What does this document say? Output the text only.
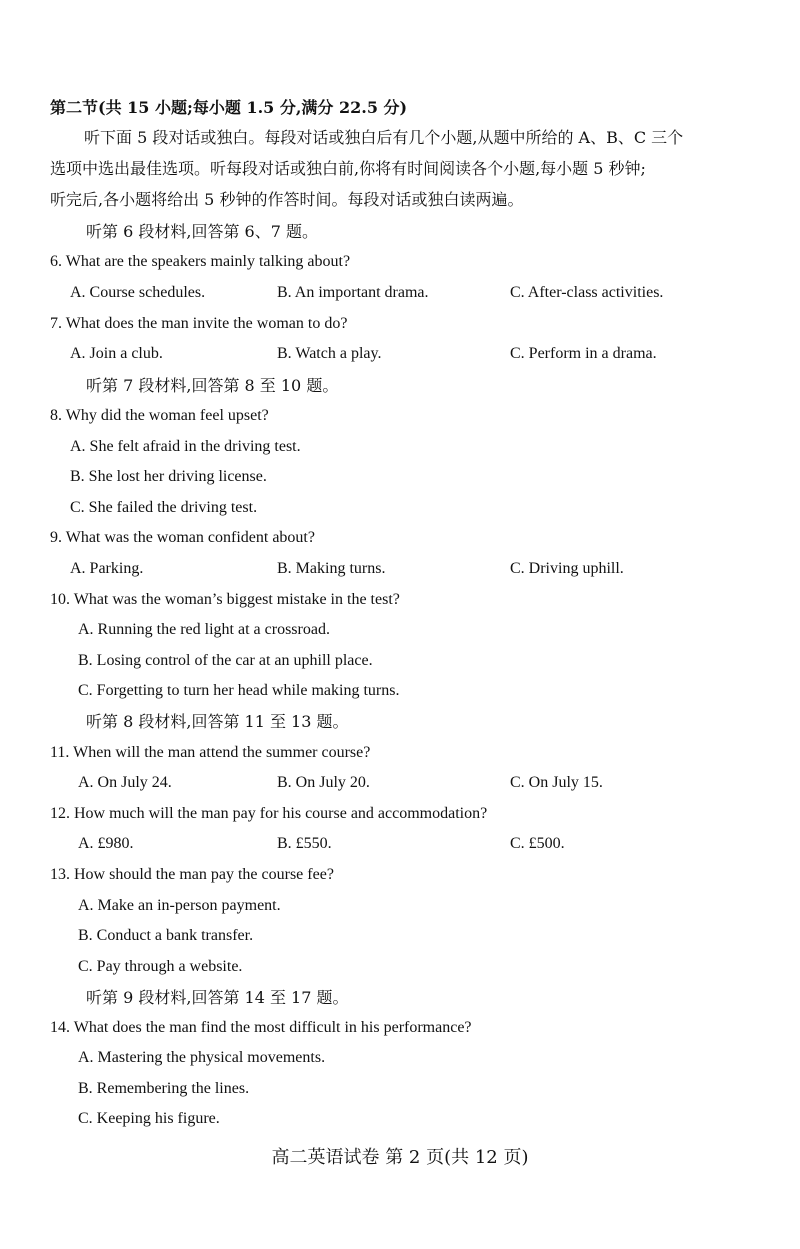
第二节(共 15 小题;每小题 1.5 分,满分 22.5 分)
听下面 5 段对话或独白。每段对话或独白后有几个小题,从题中所给的 A、B、C 三个
选项中选出最佳选项。听每段对话或独白前,你将有时间阅读各个小题,每小题 5 秒钟;
听完后,各小题将给出 5 秒钟的作答时间。每段对话或独白读两遍。
听第 6 段材料,回答第 6、7 题。
6. What are the speakers mainly talking about?
A. Course schedules.	B. An important drama.	C. After-class activities.
7. What does the man invite the woman to do?
A. Join a club.	B. Watch a play.	C. Perform in a drama.
听第 7 段材料,回答第 8 至 10 题。
8. Why did the woman feel upset?
A. She felt afraid in the driving test.
B. She lost her driving license.
C. She failed the driving test.
9. What was the woman confident about?
A. Parking.	B. Making turns.	C. Driving uphill.
10. What was the woman’s biggest mistake in the test?
A. Running the red light at a crossroad.
B. Losing control of the car at an uphill place.
C. Forgetting to turn her head while making turns.
听第 8 段材料,回答第 11 至 13 题。
11. When will the man attend the summer course?
A. On July 24.	B. On July 20.	C. On July 15.
12. How much will the man pay for his course and accommodation?
A. £980.	B. £550.	C. £500.
13. How should the man pay the course fee?
A. Make an in-person payment.
B. Conduct a bank transfer.
C. Pay through a website.
听第 9 段材料,回答第 14 至 17 题。
14. What does the man find the most difficult in his performance?
A. Mastering the physical movements.
B. Remembering the lines.
C. Keeping his figure.
高二英语试卷 第 2 页(共 12 页)
